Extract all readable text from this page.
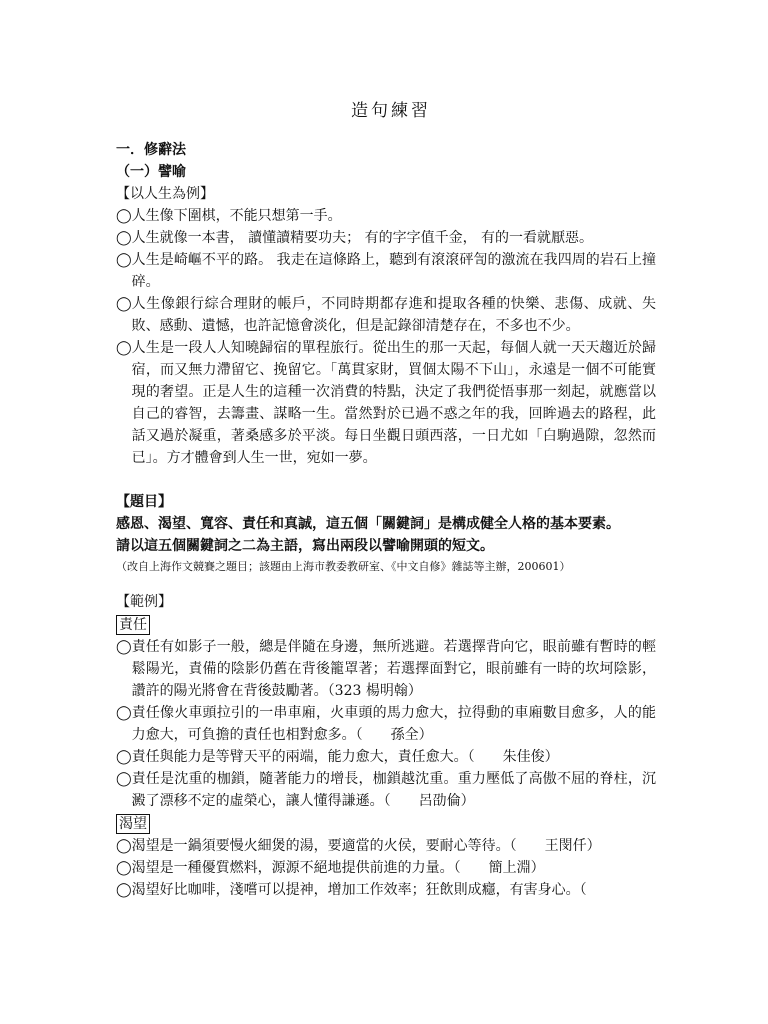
造句練習

一．修辭法

（一）譬喻

【以人生為例】

◯ 人生像下圍棋，不能只想第一手。
◯ 人生就像一本書， 讀懂讀精要功夫； 有的字字值千金， 有的一看就厭惡。
◯ 人生是崎嶇不平的路。 我走在這條路上，聽到有滾滾砰訇的激流在我四周的岩石上撞碎。
◯ 人生像銀行綜合理財的帳戶，不同時期都存進和提取各種的快樂、悲傷、成就、失敗、感動、遺憾，也許記憶會淡化，但是記錄卻清楚存在，不多也不少。
◯ 人生是一段人人知曉歸宿的單程旅行。從出生的那一天起，每個人就一天天趨近於歸宿，而又無力滯留它、挽留它。「萬貫家財，買個太陽不下山」，永遠是一個不可能實現的奢望。正是人生的這種一次消費的特點，決定了我們從悟事那一刻起，就應當以自己的睿智，去籌畫、謀略一生。當然對於已過不惑之年的我，回眸過去的路程，此話又過於凝重，著桑感多於平淡。每日坐觀日頭西落，一日尤如「白駒過隙，忽然而已」。方才體會到人生一世，宛如一夢。

【題目】

感恩、渴望、寬容、責任和真誠，這五個「關鍵詞」是構成健全人格的基本要素。

請以這五個關鍵詞之二為主語，寫出兩段以譬喻開頭的短文。

（改自上海作文競賽之題目；該題由上海市教委教研室、《中文自修》雜誌等主辦，200601）

【範例】

責任
◯ 責任有如影子一般，總是伴隨在身邊，無所逃避。若選擇背向它，眼前雖有暫時的輕鬆陽光，責備的陰影仍舊在背後籠罩著；若選擇面對它，眼前雖有一時的坎坷陰影，讚許的陽光將會在背後鼓勵著。（323 楊明翰）
◯ 責任像火車頭拉引的一串車廂，火車頭的馬力愈大，拉得動的車廂數目愈多，人的能力愈大，可負擔的責任也相對愈多。（　　孫全）
◯ 責任與能力是等臂天平的兩端，能力愈大，責任愈大。（　　朱佳俊）
◯ 責任是沈重的枷鎖，隨著能力的增長，枷鎖越沈重。重力壓低了高傲不屈的脊柱，沉澱了漂移不定的虛榮心，讓人懂得謙遜。（　　呂劭倫）
渴望
◯ 渴望是一鍋須要慢火細煲的湯，要適當的火侯，要耐心等待。（　　王閔仟）
◯ 渴望是一種優質燃料，源源不絕地提供前進的力量。（　　簡上淵）
◯ 渴望好比咖啡，淺嚐可以提神，增加工作效率；狂飲則成癮，有害身心。（
